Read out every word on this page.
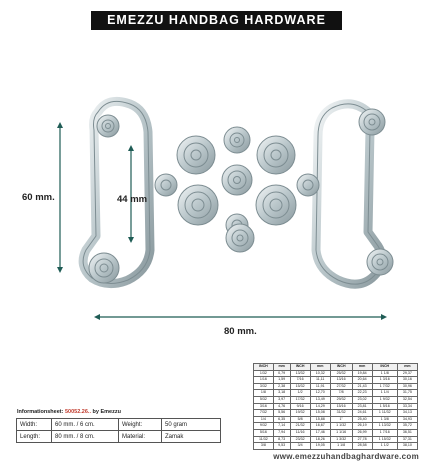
EMEZZU HANDBAG HARDWARE
60 mm.	44 mm
80 mm.
Informationsheet: 50052.26.. by Emezzu
Width:	60 mm. / 6 cm.	Weight:	50 gram
Length:	80 mm. / 8 cm.	Material:	Zamak
INCH	mm	INCH	mm	INCH	mm	INCH	mm
1/32	0,79	13/32	10,32	25/32	19,84	1 1/8	29,37
1/16	1,59	7/16	11,11	13/16	20,64	1 3/16	30,16
3/32	2,38	15/32	11,91	27/32	21,43	1 7/32	30,96
1/8	3,18	1/2	12,70	7/8	22,23	1 1/4	31,75
5/32	3,97	17/32	13,49	29/32	23,02	1 9/32	32,54
3/16	4,76	9/16	14,29	15/16	23,81	1 5/16	33,34
7/32	5,56	19/32	15,08	31/32	24,61	1 11/32	34,13
1/4	6,35	5/8	15,88	1"	25,40	1 3/8	34,93
9/32	7,14	21/32	16,67	1 1/32	26,19	1 13/32	35,72
5/16	7,94	11/16	17,46	1 1/16	26,99	1 7/16	36,51
11/32	8,73	23/32	18,26	1 3/32	27,78	1 15/32	37,31
3/8	9,53	3/4	19,05	1 1/8	28,58	1 1/2	38,10
www.emezzuhandbaghardware.com
